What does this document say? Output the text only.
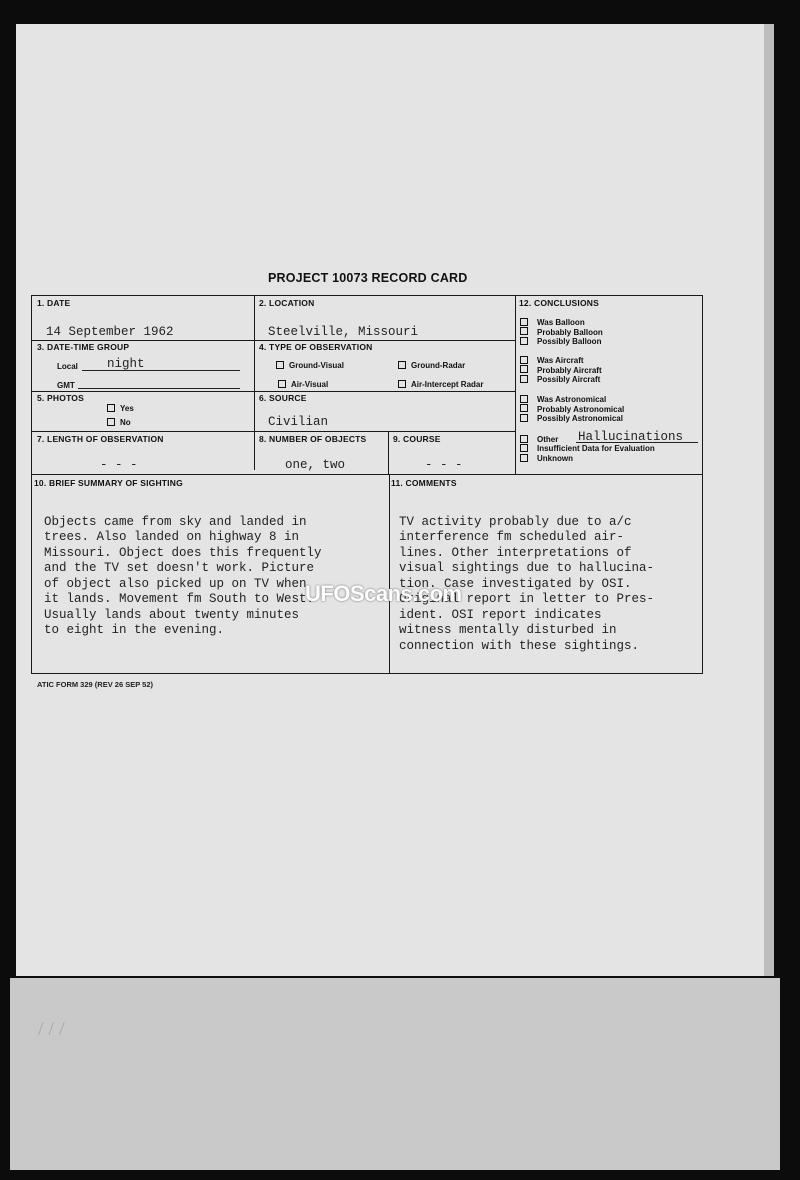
/ / /
PROJECT 10073 RECORD CARD
1. DATE
14 September 1962
2. LOCATION
Steelville, Missouri
3. DATE-TIME GROUP
Local night
GMT
4. TYPE OF OBSERVATION
Ground-Visual	Ground-Radar
Air-Visual	Air-Intercept Radar
5. PHOTOS
Yes
No
6. SOURCE
Civilian
7. LENGTH OF OBSERVATION
- - -
8. NUMBER OF OBJECTS
one, two
9. COURSE
- - -
12. CONCLUSIONS
Was Balloon
Probably Balloon
Possibly Balloon
Was Aircraft
Probably Aircraft
Possibly Aircraft
Was Astronomical
Probably Astronomical
Possibly Astronomical
Other Hallucinations
Insufficient Data for Evaluation
Unknown
10. BRIEF SUMMARY OF SIGHTING

Objects came from sky and landed in
trees. Also landed on highway 8 in
Missouri. Object does this frequently
and the TV set doesn't work. Picture
of object also picked up on TV when
it lands. Movement fm South to West.
Usually lands about twenty minutes
to eight in the evening.

11. COMMENTS

TV activity probably due to a/c
interference fm scheduled air-
lines. Other interpretations of
visual sightings due to hallucina-
tion. Case investigated by OSI.
Original report in letter to Pres-
ident. OSI report indicates
witness mentally disturbed in
connection with these sightings.

ATIC FORM 329 (REV 26 SEP 52)
UFOScans.com
